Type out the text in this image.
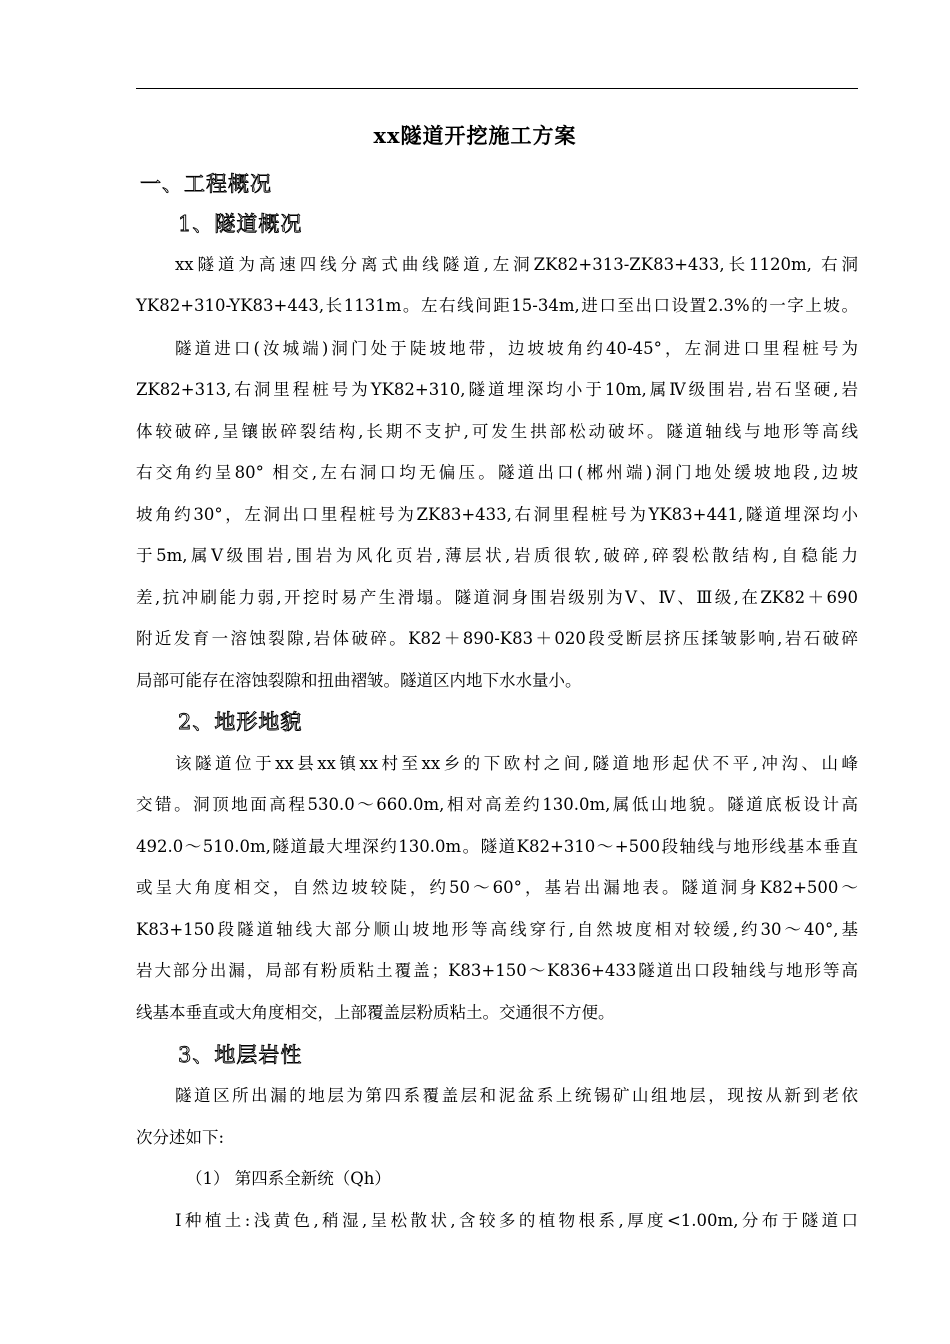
xx隧道开挖施工方案
一、工程概况
1、隧道概况
xx隧道为高速四线分离式曲线隧道,左洞ZK82+313-ZK83+433,长1120m, 右洞
YK82+310-YK83+443,长1131m。左右线间距15-34m,进口至出口设置2.3%的一字上坡。
隧道进口(汝城端)洞门处于陡坡地带，边坡坡角约40-45°，左洞进口里程桩号为
ZK82+313,右洞里程桩号为YK82+310,隧道埋深均小于10m,属Ⅳ级围岩,岩石坚硬,岩
体较破碎,呈镶嵌碎裂结构,长期不支护,可发生拱部松动破坏。隧道轴线与地形等高线
右交角约呈80° 相交,左右洞口均无偏压。隧道出口(郴州端)洞门地处缓坡地段,边坡
坡角约30°，左洞出口里程桩号为ZK83+433,右洞里程桩号为YK83+441,隧道埋深均小
于5m,属Ⅴ级围岩,围岩为风化页岩,薄层状,岩质很软,破碎,碎裂松散结构,自稳能力
差,抗冲刷能力弱,开挖时易产生滑塌。隧道洞身围岩级别为Ⅴ、Ⅳ、Ⅲ级,在ZK82＋690
附近发育一溶蚀裂隙,岩体破碎。K82＋890-K83＋020段受断层挤压揉皱影响,岩石破碎
局部可能存在溶蚀裂隙和扭曲褶皱。隧道区内地下水水量小。
2、地形地貌
该隧道位于xx县xx镇xx村至xx乡的下欧村之间,隧道地形起伏不平,冲沟、山峰
交错。洞顶地面高程530.0～660.0m,相对高差约130.0m,属低山地貌。隧道底板设计高
492.0～510.0m,隧道最大埋深约130.0m。隧道K82+310～+500段轴线与地形线基本垂直
或呈大角度相交，自然边坡较陡，约50～60°，基岩出漏地表。隧道洞身K82+500～
K83+150段隧道轴线大部分顺山坡地形等高线穿行,自然坡度相对较缓,约30～40°,基
岩大部分出漏，局部有粉质粘土覆盖；K83+150～K836+433隧道出口段轴线与地形等高
线基本垂直或大角度相交，上部覆盖层粉质粘土。交通很不方便。
3、地层岩性
隧道区所出漏的地层为第四系覆盖层和泥盆系上统锡矿山组地层，现按从新到老依
次分述如下:
（1） 第四系全新统（Qh）
Ⅰ种植土:浅黄色,稍湿,呈松散状,含较多的植物根系,厚度<1.00m,分布于隧道口
